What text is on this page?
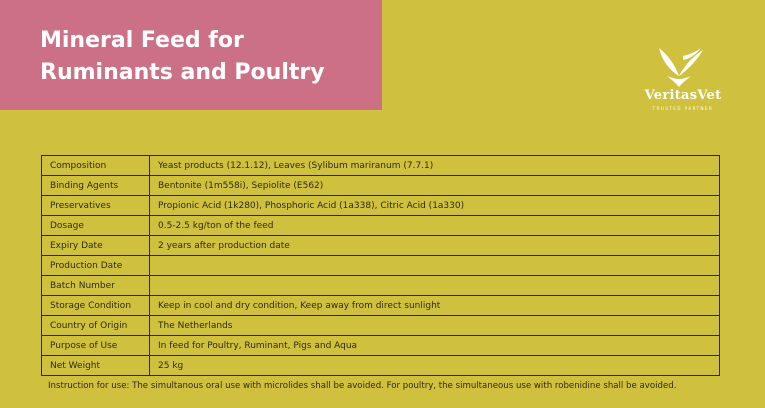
Mineral Feed for
Ruminants and Poultry
VeritasVet
TRUSTED PARTNER
Composition	Yeast products (12.1.12), Leaves (Sylibum mariranum (7.7.1)
Binding Agents	Bentonite (1m558i), Sepiolite (E562)
Preservatives	Propionic Acid (1k280), Phosphoric Acid (1a338), Citric Acid (1a330)
Dosage	0.5-2.5 kg/ton of the feed
Expiry Date	2 years after production date
Production Date	
Batch Number	
Storage Condition	Keep in cool and dry condition, Keep away from direct sunlight
Country of Origin	The Netherlands
Purpose of Use	In feed for Poultry, Ruminant, Pigs and Aqua
Net Weight	25 kg
Instruction for use: The simultanous oral use with microlides shall be avoided. For poultry, the simultaneous use with robenidine shall be avoided.
